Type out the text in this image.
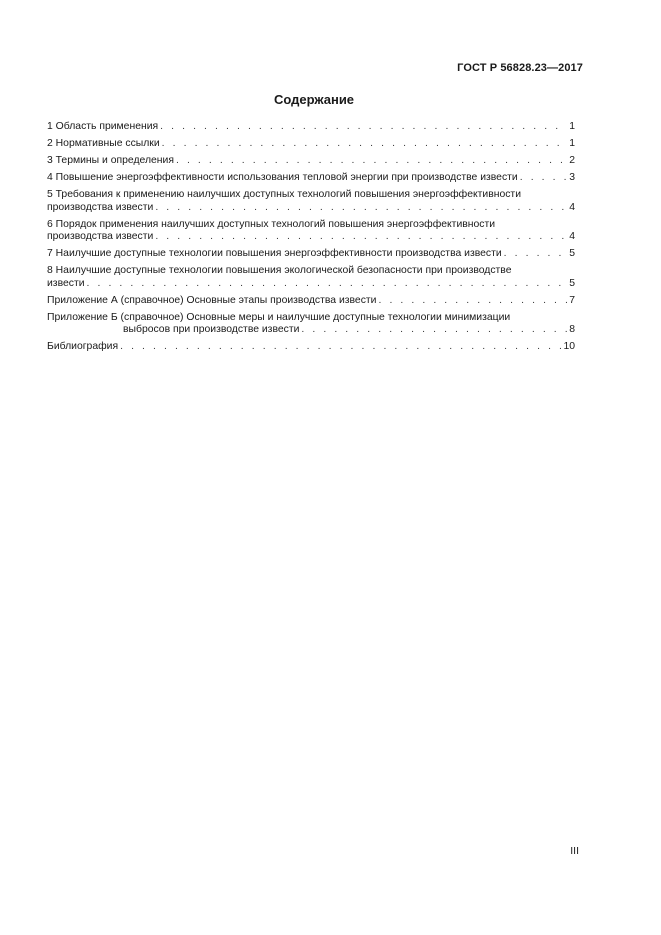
ГОСТ Р 56828.23—2017
Содержание
1 Область применения . . .	1
2 Нормативные ссылки . . .	1
3 Термины и определения . . .	2
4 Повышение энергоэффективности использования тепловой энергии при производстве извести . . .	3
5 Требования к применению наилучших доступных технологий повышения энергоэффективности
производства извести . . .	4
6 Порядок применения наилучших доступных технологий повышения энергоэффективности
производства извести . . .	4
7 Наилучшие доступные технологии повышения энергоэффективности производства извести . . .	5
8 Наилучшие доступные технологии повышения экологической безопасности при производстве
извести . . .	5
Приложение А (справочное) Основные этапы производства извести . . .	7
Приложение Б (справочное) Основные меры и наилучшие доступные технологии минимизации
выбросов при производстве извести . . .	8
Библиография . . .	10
III
